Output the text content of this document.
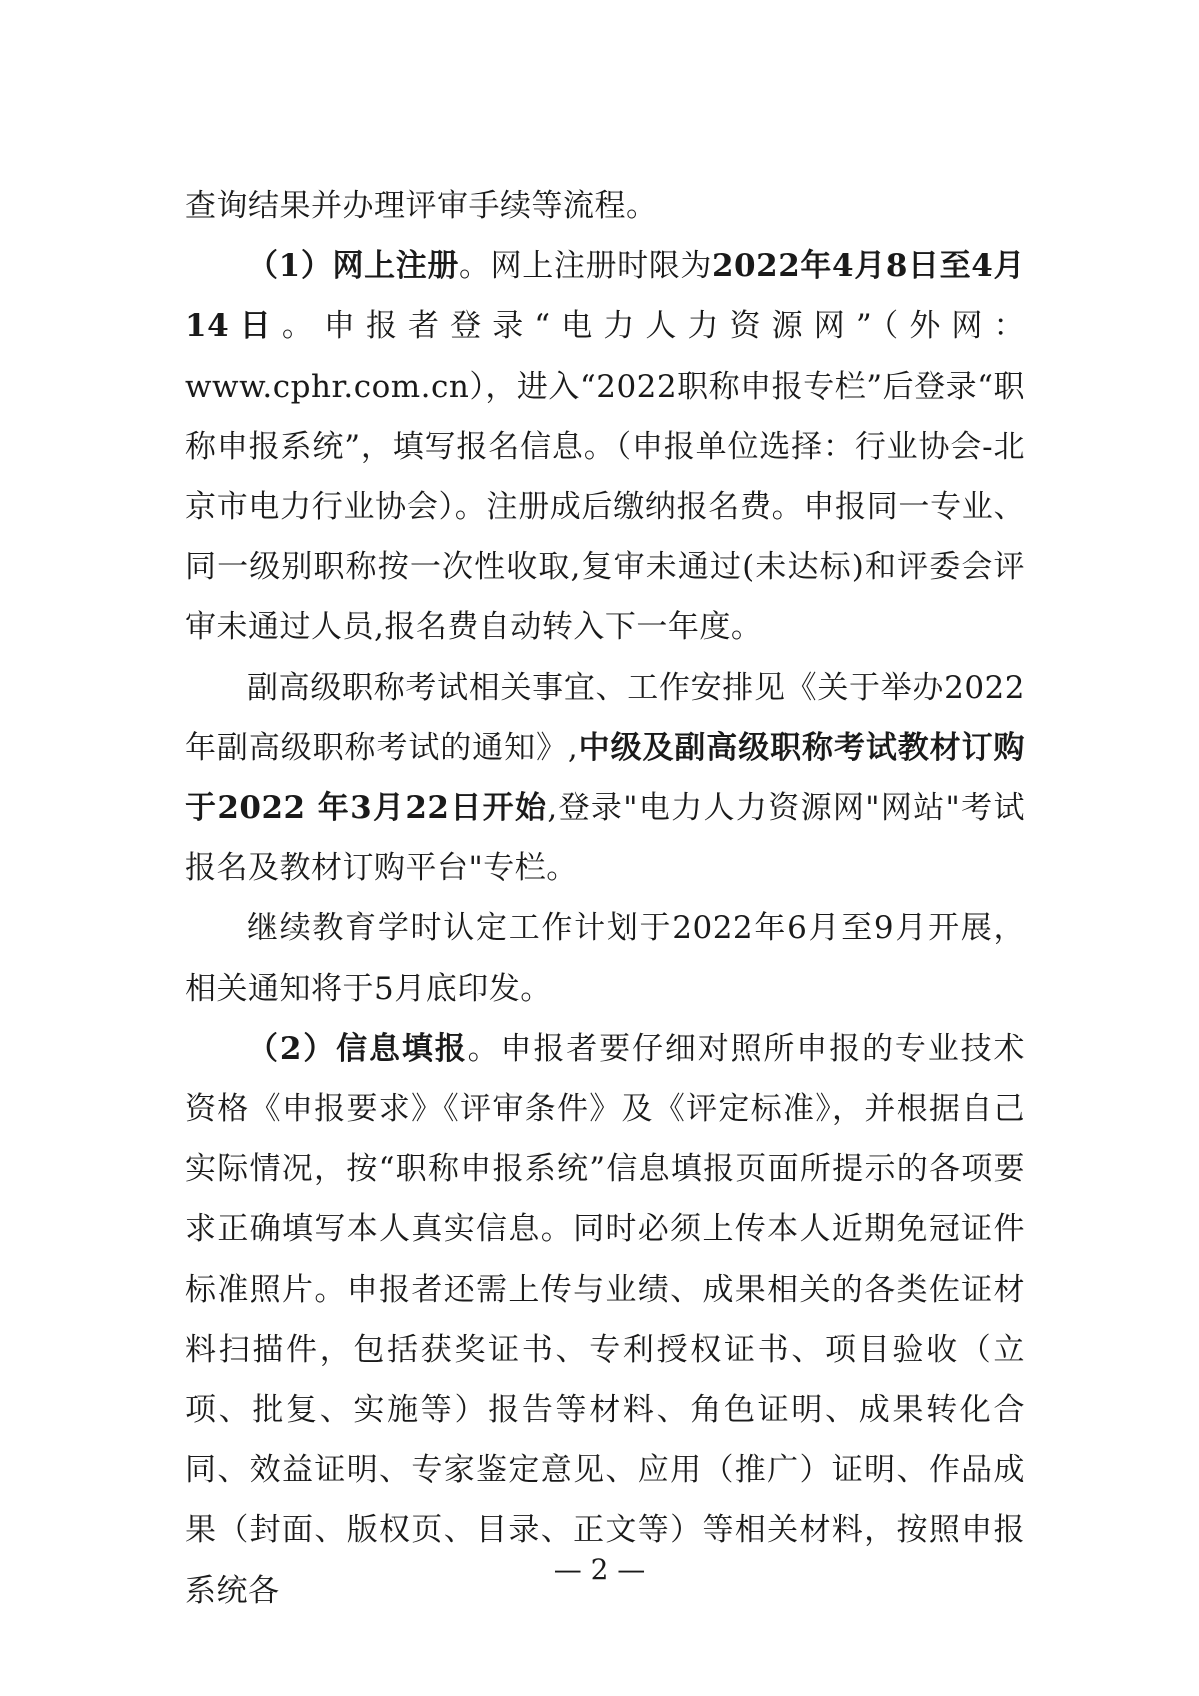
查询结果并办理评审手续等流程。

（1）网上注册。网上注册时限为2022年4月8日至4月14日。申报者登录“电力人力资源网”（外网：www.cphr.com.cn），进入“2022职称申报专栏”后登录“职称申报系统”，填写报名信息。（申报单位选择：行业协会-北京市电力行业协会）。注册成后缴纳报名费。申报同一专业、同一级别职称按一次性收取,复审未通过(未达标)和评委会评审未通过人员,报名费自动转入下一年度。

副高级职称考试相关事宜、工作安排见《关于举办2022年副高级职称考试的通知》,中级及副高级职称考试教材订购于2022 年3月22日开始,登录"电力人力资源网"网站"考试报名及教材订购平台"专栏。

继续教育学时认定工作计划于2022年6月至9月开展，相关通知将于5月底印发。

（2）信息填报。申报者要仔细对照所申报的专业技术资格《申报要求》《评审条件》及《评定标准》，并根据自己实际情况，按“职称申报系统”信息填报页面所提示的各项要求正确填写本人真实信息。同时必须上传本人近期免冠证件标准照片。申报者还需上传与业绩、成果相关的各类佐证材料扫描件，包括获奖证书、专利授权证书、项目验收（立项、批复、实施等）报告等材料、角色证明、成果转化合同、效益证明、专家鉴定意见、应用（推广）证明、作品成果（封面、版权页、目录、正文等）等相关材料，按照申报系统各

— 2 —
